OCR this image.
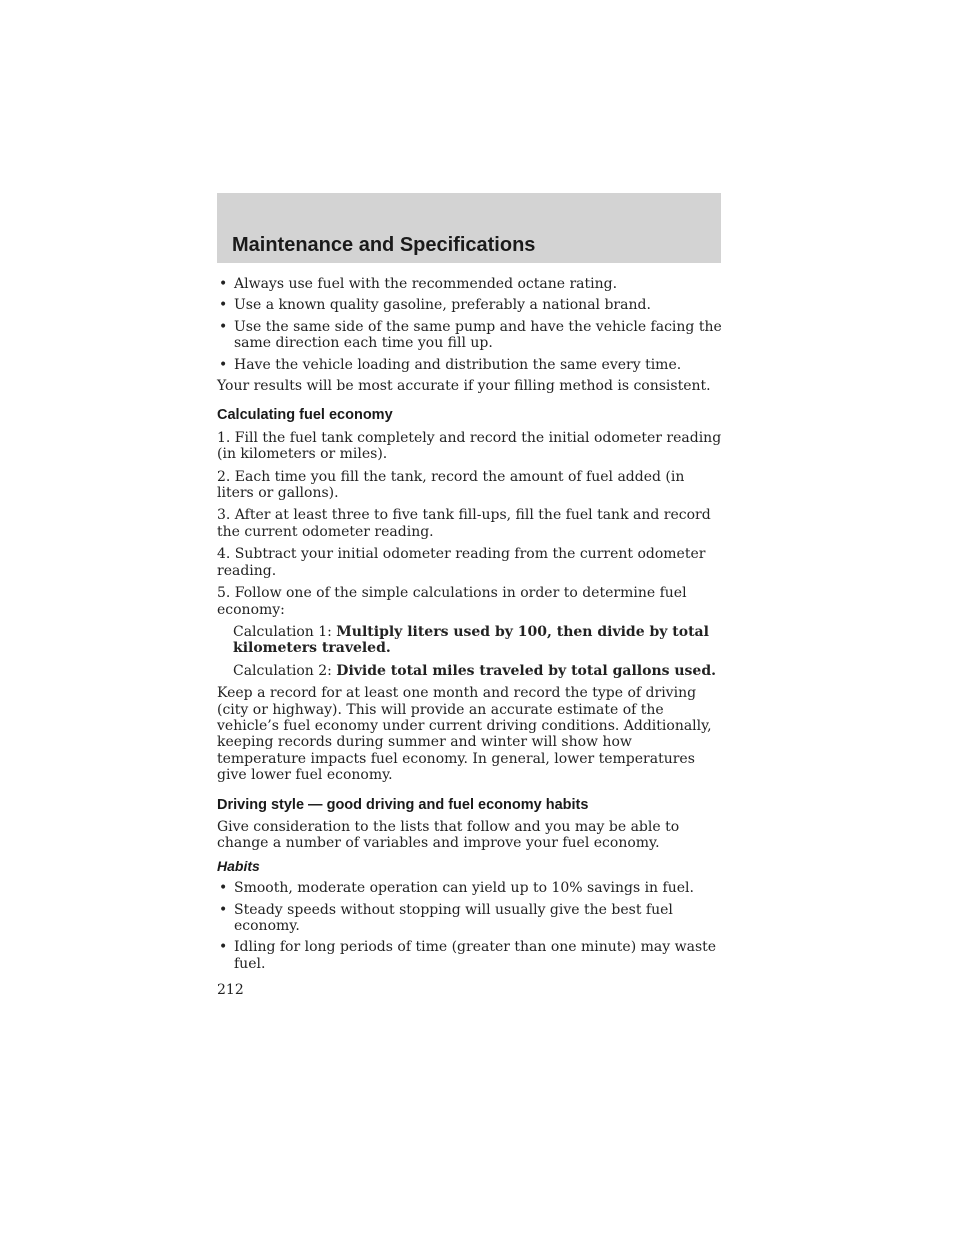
Maintenance and Specifications
• Always use fuel with the recommended octane rating.
• Use a known quality gasoline, preferably a national brand.
• Use the same side of the same pump and have the vehicle facing the same direction each time you fill up.
• Have the vehicle loading and distribution the same every time.

Your results will be most accurate if your filling method is consistent.

Calculating fuel economy

1. Fill the fuel tank completely and record the initial odometer reading (in kilometers or miles).

2. Each time you fill the tank, record the amount of fuel added (in liters or gallons).

3. After at least three to five tank fill-ups, fill the fuel tank and record the current odometer reading.

4. Subtract your initial odometer reading from the current odometer reading.

5. Follow one of the simple calculations in order to determine fuel economy:

Calculation 1: Multiply liters used by 100, then divide by total kilometers traveled.
Calculation 2: Divide total miles traveled by total gallons used.

Keep a record for at least one month and record the type of driving (city or highway). This will provide an accurate estimate of the vehicle’s fuel economy under current driving conditions. Additionally, keeping records during summer and winter will show how temperature impacts fuel economy. In general, lower temperatures give lower fuel economy.

Driving style — good driving and fuel economy habits

Give consideration to the lists that follow and you may be able to change a number of variables and improve your fuel economy.

Habits
• Smooth, moderate operation can yield up to 10% savings in fuel.
• Steady speeds without stopping will usually give the best fuel economy.
• Idling for long periods of time (greater than one minute) may waste fuel.
212
